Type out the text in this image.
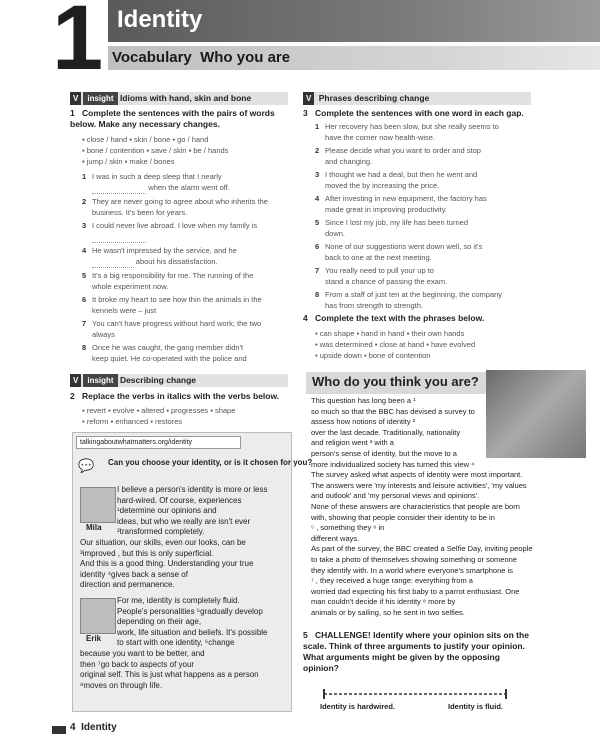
1 Identity
Vocabulary Who you are
V insight Idioms with hand, skin and bone
1 Complete the sentences with the pairs of words below. Make any necessary changes.
▪ close / hand ▪ skin / bone ▪ go / hand
▪ bone / contention ▪ save / skin ▪ be / hands
▪ jump / skin ▪ make / bones
1 I was in such a deep sleep that I nearly
when the alarm went off.
2 They are never going to agree about who inherits the
business. It's been for years.
3 I could never live abroad. I love when my family is

4 He wasn't impressed by the service, and he
about his dissatisfaction.
5 It's a big responsibility for me. The running of the
whole experiment now.
6 It broke my heart to see how thin the animals in the
kennels were – just
7 You can't have progress without hard work; the two
always
8 Once he was caught, the gang member didn't
keep quiet. He co-operated with the police and
V insight Describing change
2 Replace the verbs in italics with the verbs below.
▪ revert ▪ evolve ▪ altered ▪ progresses ▪ shape
▪ reform ▪ enhanced ▪ restores
talkingaboutwhatmatters.org/identity
💬 Can you choose your identity, or is it chosen for you?
Mila
I believe a person's identity is more or less
hard-wired. Of course, experiences
¹determine our opinions and
ideas, but who we really are isn't ever
²transformed completely.
Our situation, our skills, even our looks, can be
³improved , but this is only superficial.
And this is a good thing. Understanding your true
identity ⁴gives back a sense of
direction and permanence.
Erik
For me, identity is completely fluid.
People's personalities ⁵gradually develop
depending on their age,
work, life situation and beliefs. It's possible
to start with one identity, ⁶change
because you want to be better, and
then ⁷go back to aspects of your
original self. This is just what happens as a person
⁸moves on through life.
V Phrases describing change
3 Complete the sentences with one word in each gap.
1 Her recovery has been slow, but she really seems to
have the corner now health-wise.
2 Please decide what you want to order and stop
and changing.
3 I thought we had a deal, but then he went and
moved the by increasing the price.
4 After investing in new equipment, the factory has
made great in improving productivity.
5 Since I lost my job, my life has been turned
down.
6 None of our suggestions went down well, so it's
back to one at the next meeting.
7 You really need to pull your up to
stand a chance of passing the exam.
8 From a staff of just ten at the beginning, the company
has from strength to strength.
4 Complete the text with the phrases below.
▪ can shape ▪ hand in hand ▪ their own hands
▪ was determined ▪ close at hand ▪ have evolved
▪ upside down ▪ bone of contention
Who do you think you are?
This question has long been a ¹
so much so that the BBC has devised a survey to
assess how notions of identity ²
over the last decade. Traditionally, nationality
and religion went ³ with a
person's sense of identity, but the move to a
more individualized society has turned this view ⁴
The survey asked what aspects of identity were most important.
The answers were 'my interests and leisure activities', 'my values
and outlook' and 'my personal views and opinions'.
None of these answers are characteristics that people are born
with, showing that people consider their identity to be in
⁵ , something they ⁶ in
different ways.
As part of the survey, the BBC created a Selfie Day, inviting people
to take a photo of themselves showing something or someone
they identify with. In a world where everyone's smartphone is
⁷ , they received a huge range: everything from a
worried dad expecting his first baby to a parrot enthusiast. One
man couldn't decide if his identity ⁸ more by
animals or by sailing, so he sent in two selfies.
5 CHALLENGE! Identify where your opinion sits on the scale. Think of three arguments to justify your opinion. What arguments might be given by the opposing opinion?
Identity is hardwired.	Identity is fluid.
4 Identity
